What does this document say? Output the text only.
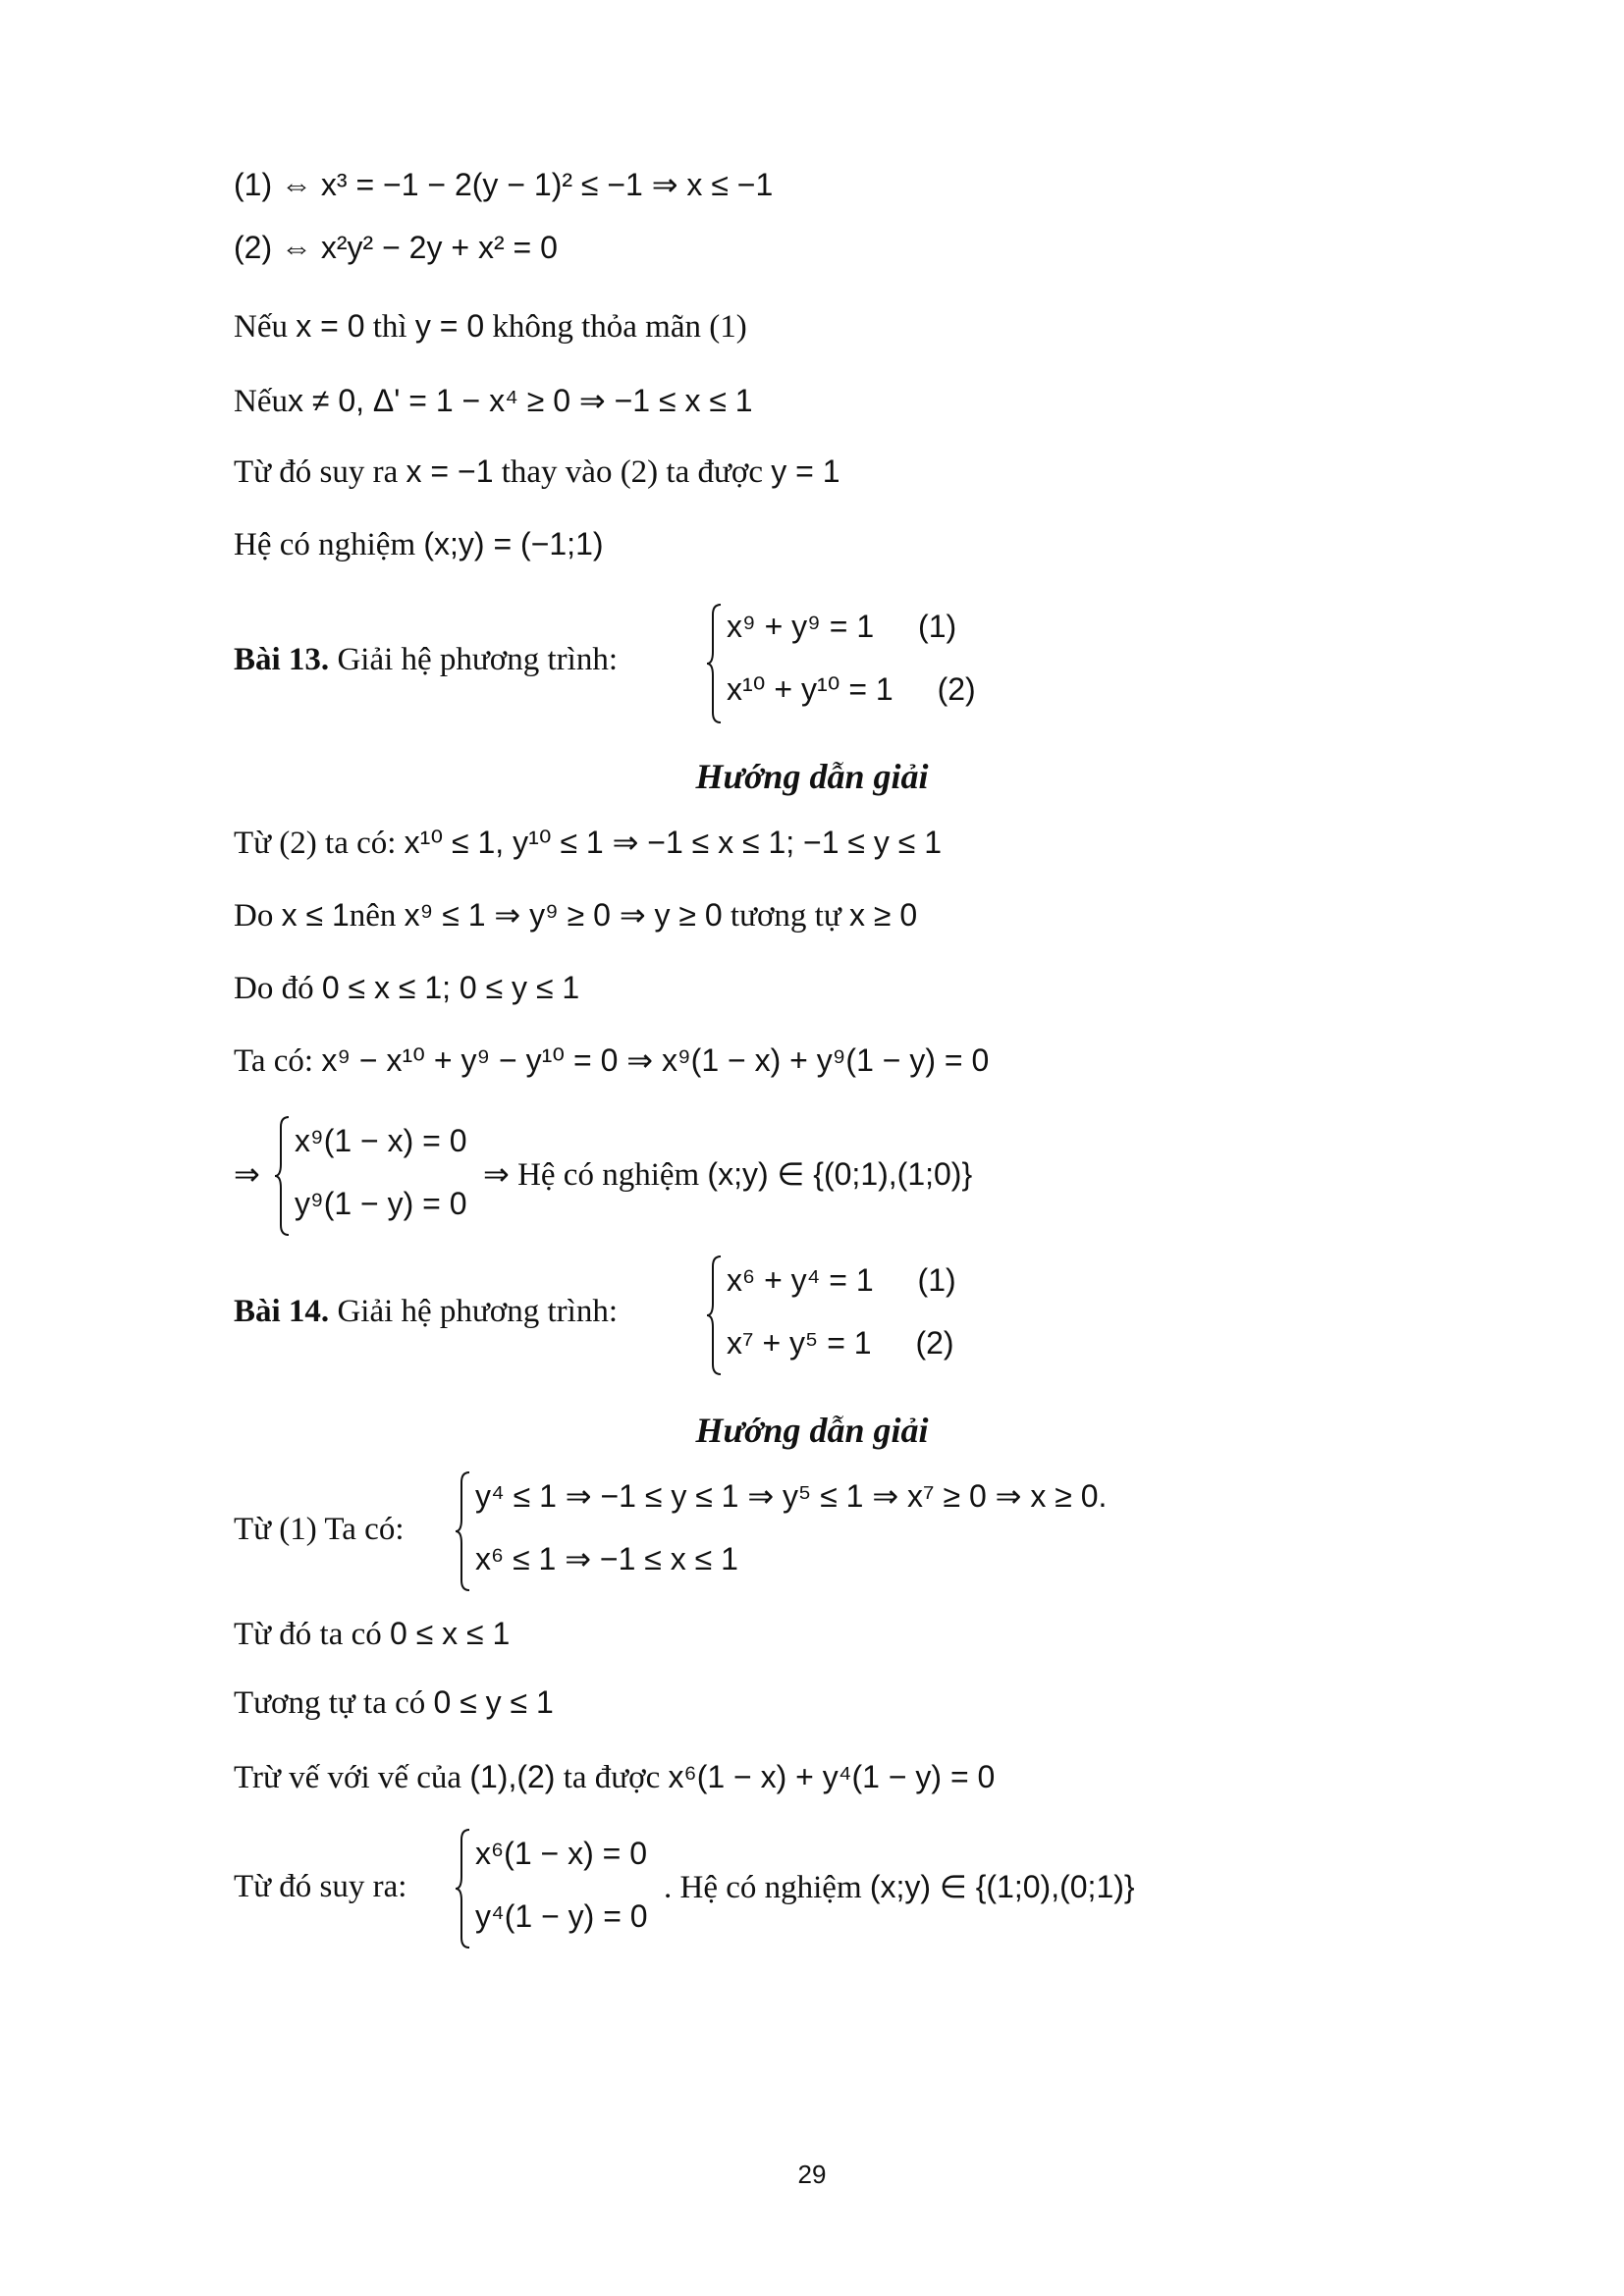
(1) ⇔ x³ = −1 − 2(y − 1)² ≤ −1 ⇒ x ≤ −1
(2) ⇔ x²y² − 2y + x² = 0
Nếu x = 0 thì y = 0 không thỏa mãn (1)
Nếux ≠ 0, Δ' = 1 − x⁴ ≥ 0 ⇒ −1 ≤ x ≤ 1
Từ đó suy ra x = −1 thay vào (2) ta được y = 1
Hệ có nghiệm (x;y) = (−1;1)
Bài 13. Giải hệ phương trình:
x⁹ + y⁹ = 1 (1)
x¹⁰ + y¹⁰ = 1 (2)
Hướng dẫn giải
Từ (2) ta có: x¹⁰ ≤ 1, y¹⁰ ≤ 1 ⇒ −1 ≤ x ≤ 1; −1 ≤ y ≤ 1
Do x ≤ 1nên x⁹ ≤ 1 ⇒ y⁹ ≥ 0 ⇒ y ≥ 0 tương tự x ≥ 0
Do đó 0 ≤ x ≤ 1; 0 ≤ y ≤ 1
Ta có: x⁹ − x¹⁰ + y⁹ − y¹⁰ = 0 ⇒ x⁹(1 − x) + y⁹(1 − y) = 0
⇒
x⁹(1 − x) = 0
y⁹(1 − y) = 0
⇒ Hệ có nghiệm (x;y) ∈ {(0;1),(1;0)}
Bài 14. Giải hệ phương trình:
x⁶ + y⁴ = 1 (1)
x⁷ + y⁵ = 1 (2)
Hướng dẫn giải
Từ (1) Ta có:
y⁴ ≤ 1 ⇒ −1 ≤ y ≤ 1 ⇒ y⁵ ≤ 1 ⇒ x⁷ ≥ 0 ⇒ x ≥ 0.
x⁶ ≤ 1 ⇒ −1 ≤ x ≤ 1
Từ đó ta có 0 ≤ x ≤ 1
Tương tự ta có 0 ≤ y ≤ 1
Trừ vế với vế của (1),(2) ta được x⁶(1 − x) + y⁴(1 − y) = 0
Từ đó suy ra:
x⁶(1 − x) = 0
y⁴(1 − y) = 0
. Hệ có nghiệm (x;y) ∈ {(1;0),(0;1)}
29
